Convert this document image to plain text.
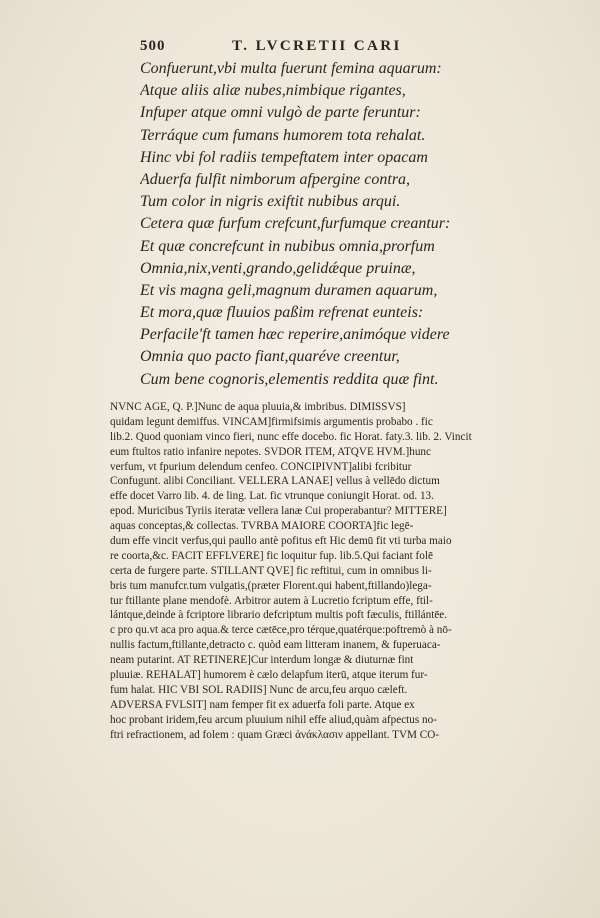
500	T. LVCRETII CARI
Confuerunt,vbi multa fuerunt femina aquarum:
Atque aliis aliæ nubes,nimbique rigantes,
Infuper atque omni vulgò de parte feruntur:
Terráque cum fumans humorem tota rehalat.
Hinc vbi fol radiis tempeftatem inter opacam
Aduerfa fulfit nimborum afpergine contra,
Tum color in nigris exiftit nubibus arqui.
Cetera quæ furfum crefcunt,furfumque creantur:
Et quæ concrefcunt in nubibus omnia,prorfum
Omnia,nix,venti,grando,gelidǽque pruinæ,
Et vis magna geli,magnum duramen aquarum,
Et mora,quæ fluuios paßim refrenat eunteis:
Perfacile'ft tamen hæc reperire,animóque videre
Omnia quo pacto fiant,quaréve creentur,
Cum bene cognoris,elementis reddita quæ fint.
NVNC AGE, Q. P.]Nunc de aqua pluuia,& imbribus. DIMISSVS]
quidam legunt demiffus. VINCAM]firmifsimis argumentis probabo . fic
lib.2. Quod quoniam vinco fieri, nunc effe docebo. fic Horat. faty.3. lib. 2. Vincit
eum ftultos ratio infanire nepotes. SVDOR ITEM, ATQVE HVM.]hunc
verfum, vt fpurium delendum cenfeo. CONCIPIVNT]alibi fcribitur
Confugunt. alibi Conciliant. VELLERA LANAE] vellus à vellēdo dictum
effe docet Varro lib. 4. de ling. Lat. fic vtrunque coniungit Horat. od. 13.
epod. Muricibus Tyriis iteratæ vellera lanæ Cui properabantur? MITTERE]
aquas conceptas,& collectas. TVRBA MAIORE COORTA]fic legē-
dum effe vincit verfus,qui paullo antè pofitus eft Hic demū fit vti turba maio
re coorta,&c. FACIT EFFLVERE] fic loquitur fup. lib.5.Qui faciant folē
certa de furgere parte. STILLANT QVE] fic reftitui, cum in omnibus li-
bris tum manufcr.tum vulgatis,(præter Florent.qui habent,ftillando)lega-
tur ftillante plane mendofè. Arbitror autem à Lucretio fcriptum effe, ftil-
lántque,deinde à fcriptore librario defcriptum multis poft fæculis, ftillántēe.
c pro qu.vt aca pro aqua.& terce cætēce,pro térque,quatérque:poftremò à nō-
nullis factum,ftillante,detracto c. quòd eam litteram inanem, & fuperuaca-
neam putarint. AT RETINERE]Cur interdum longæ & diuturnæ fint
pluuiæ. REHALAT] humorem è cælo delapfum iterū, atque iterum fur-
fum halat. HIC VBI SOL RADIIS] Nunc de arcu,feu arquo cæleft.
ADVERSA FVLSIT] nam femper fit ex aduerfa foli parte. Atque ex
hoc probant iridem,feu arcum pluuium nihil effe aliud,quàm afpectus no-
ftri refractionem, ad folem : quam Græci ἀνάκλασιν appellant. TVM CO-
